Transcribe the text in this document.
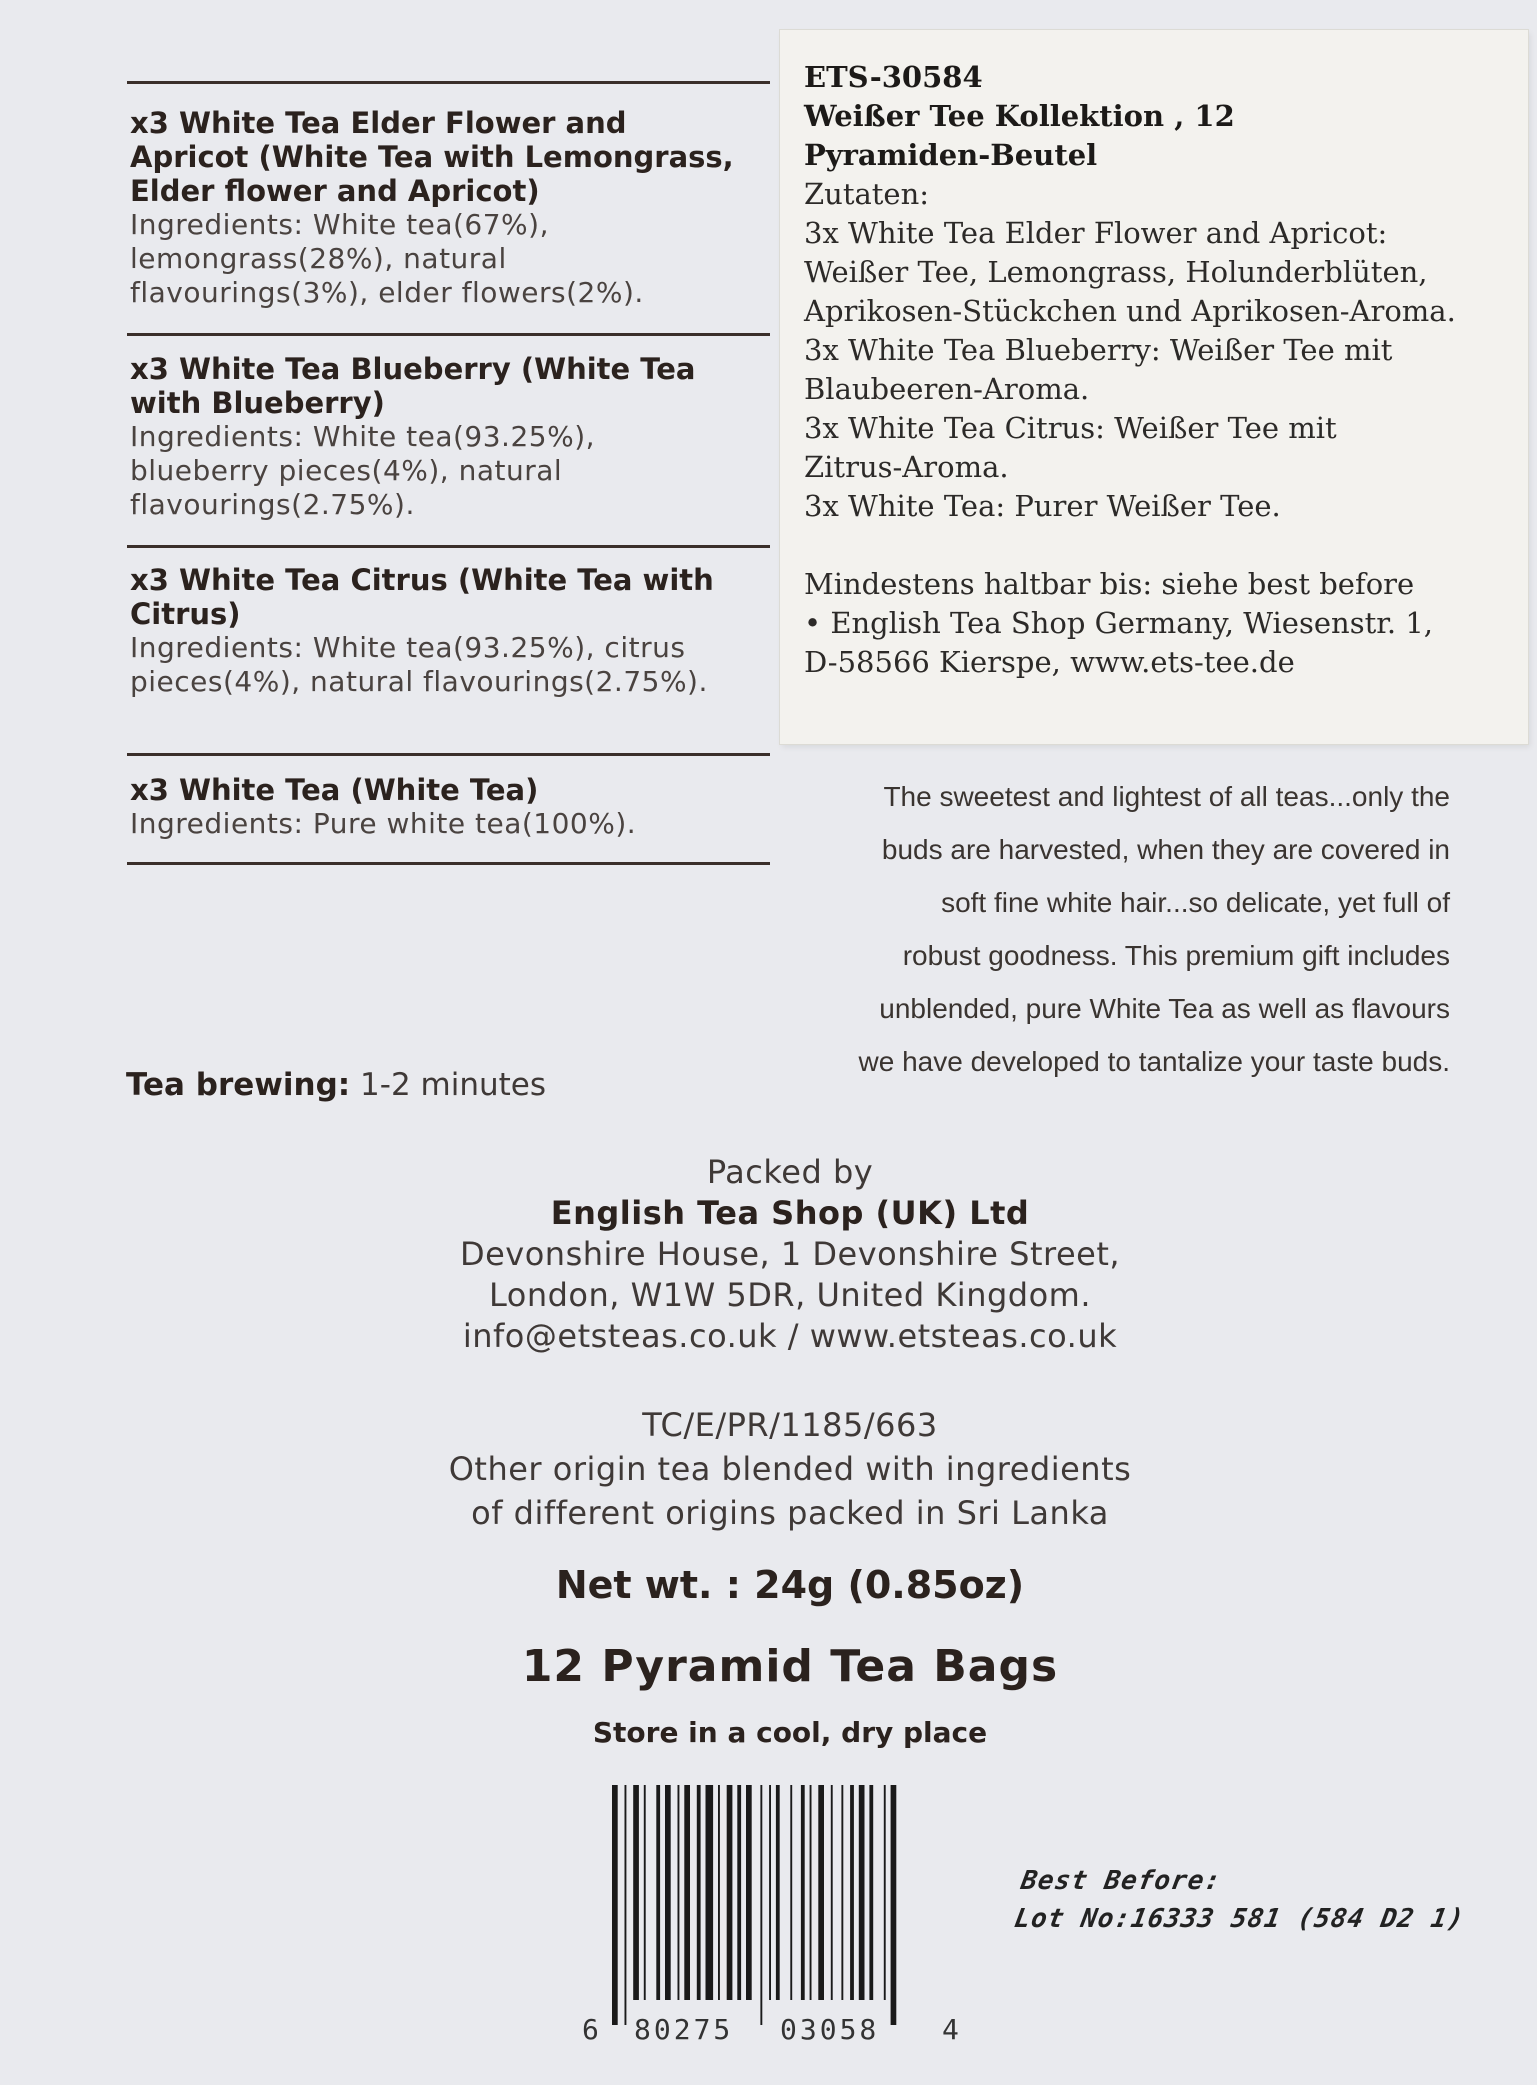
x3 White Tea Elder Flower and
Apricot (White Tea with Lemongrass,
Elder flower and Apricot)
Ingredients: White tea(67%),
lemongrass(28%), natural
flavourings(3%), elder flowers(2%).
x3 White Tea Blueberry (White Tea
with Blueberry)
Ingredients: White tea(93.25%),
blueberry pieces(4%), natural
flavourings(2.75%).
x3 White Tea Citrus (White Tea with
Citrus)
Ingredients: White tea(93.25%), citrus
pieces(4%), natural flavourings(2.75%).
x3 White Tea (White Tea)
Ingredients: Pure white tea(100%).
The sweetest and lightest of all teas...only the
buds are harvested, when they are covered in
soft fine white hair...so delicate, yet full of
robust goodness. This premium gift includes
unblended, pure White Tea as well as flavours
we have developed to tantalize your taste buds.
ETS-30584
Weißer Tee Kollektion , 12
Pyramiden-Beutel
Zutaten:
3x White Tea Elder Flower and Apricot:
Weißer Tee, Lemongrass, Holunderblüten,
Aprikosen-Stückchen und Aprikosen-Aroma.
3x White Tea Blueberry: Weißer Tee mit
Blaubeeren-Aroma.
3x White Tea Citrus: Weißer Tee mit
Zitrus-Aroma.
3x White Tea: Purer Weißer Tee.
Mindestens haltbar bis: siehe best before
• English Tea Shop Germany, Wiesenstr. 1,
D-58566 Kierspe, www.ets-tee.de
Tea brewing: 1-2 minutes
Packed by
English Tea Shop (UK) Ltd
Devonshire House, 1 Devonshire Street,
London, W1W 5DR, United Kingdom.
info@etsteas.co.uk / www.etsteas.co.uk
TC/E/PR/1185/663
Other origin tea blended with ingredients
of different origins packed in Sri Lanka
Net wt. : 24g (0.85oz)
12 Pyramid Tea Bags
Store in a cool, dry place
6 80275 03058 4
Best Before:
Lot No:16333 581 (584 D2 1)
